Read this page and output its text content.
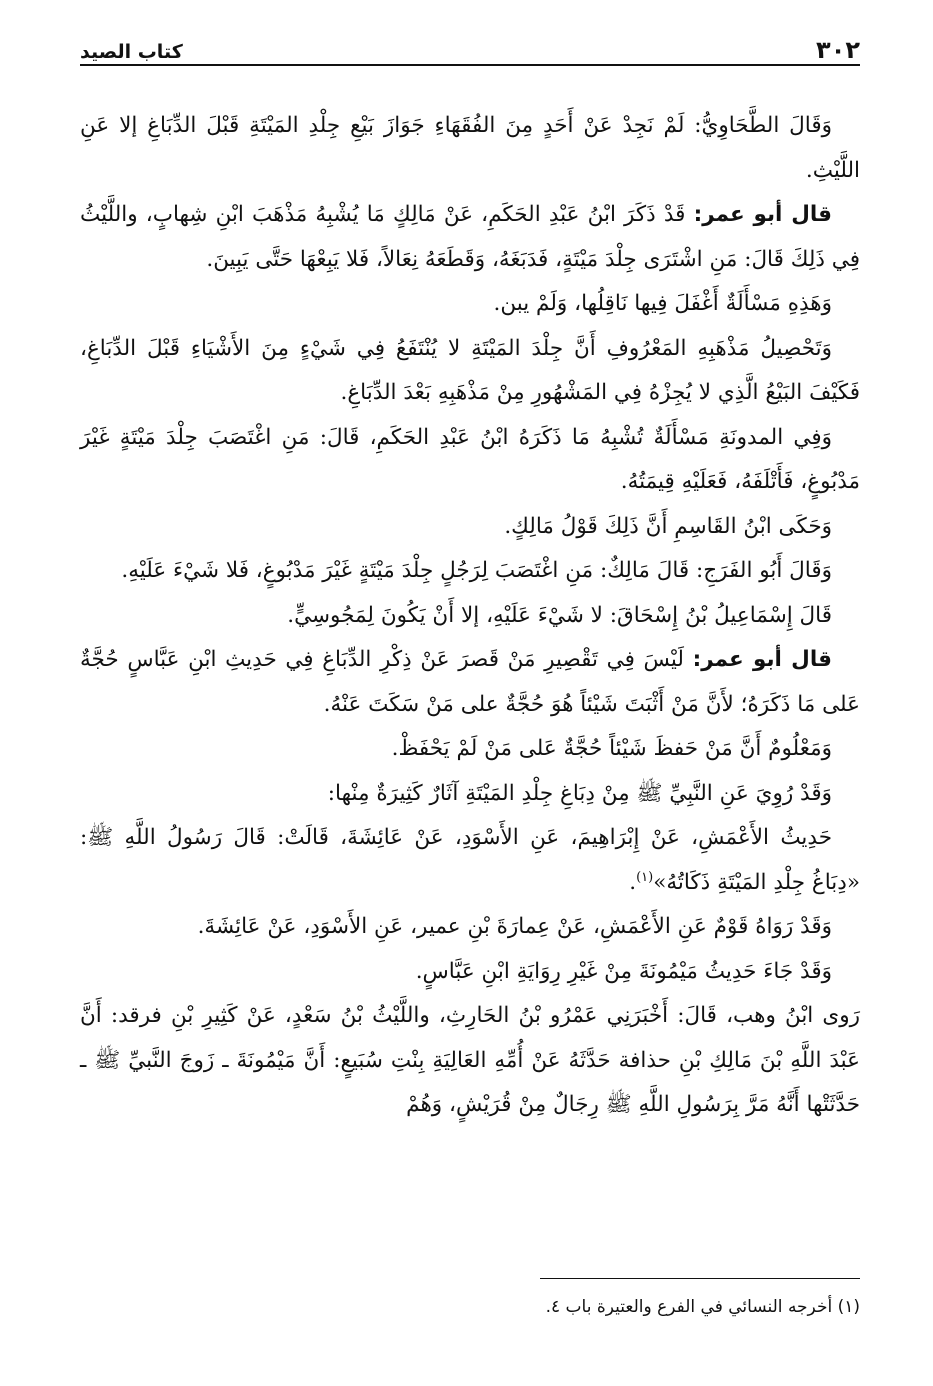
٣٠٢
كتاب الصيد

وَقَالَ الطَّحَاوِيُّ: لَمْ نَجِدْ عَنْ أَحَدٍ مِنَ الفُقَهَاءِ جَوَازَ بَيْعِ جِلْدِ المَيْتَةِ قَبْلَ الدِّبَاغِ إلا عَنِ اللَّيْثِ.

قال أبو عمر: قَدْ ذَكَرَ ابْنُ عَبْدِ الحَكَمِ، عَنْ مَالِكٍ مَا يُشْبِهُ مَذْهَبَ ابْنِ شِهابٍ، واللَّيْثُ فِي ذَلِكَ قَالَ: مَنِ اشْتَرَى جِلْدَ مَيْتَةٍ، فَدَبَغَهُ، وَقَطَعَهُ نِعَالاً، فَلا يَبِعْهَا حَتَّى يَبِينَ.

وَهَذِهِ مَسْأَلَةٌ أَغْفَلَ فِيها نَاقِلُها، وَلَمْ يبن.

وَتَحْصِيلُ مَذْهَبِهِ المَعْرُوفِ أَنَّ جِلْدَ المَيْتَةِ لا يُنْتَفَعُ فِي شَيْءٍ مِنَ الأَشْيَاءِ قَبْلَ الدِّبَاغِ، فَكَيْفَ البَيْعُ الَّذِي لا يُجِزْهُ فِي المَشْهُورِ مِنْ مَذْهَبِهِ بَعْدَ الدِّبَاغِ.

وَفِي المدونَةِ مَسْأَلَةٌ تُشْبِهُ مَا ذَكَرَهُ ابْنُ عَبْدِ الحَكَمِ، قَالَ: مَنِ اغْتَصَبَ جِلْدَ مَيْتَةٍ غَيْرَ مَدْبُوغٍ، فَأَتْلَفَهُ، فَعَلَيْهِ قِيمَتُهُ.

وَحَكَى ابْنُ القَاسِمِ أَنَّ ذَلِكَ قَوْلُ مَالِكٍ.

وَقَالَ أَبُو الفَرَجِ: قَالَ مَالِكٌ: مَنِ اغْتَصَبَ لِرَجُلٍ جِلْدَ مَيْتَةٍ غَيْرَ مَدْبُوغٍ، فَلا شَيْءَ عَلَيْهِ.

قَالَ إِسْمَاعِيلُ بْنُ إِسْحَاقَ: لا شَيْءَ عَلَيْهِ، إلا أَنْ يَكُونَ لِمَجُوسِيٍّ.

قال أبو عمر: لَيْسَ فِي تَقْصِيرِ مَنْ قَصرَ عَنْ ذِكْرِ الدِّبَاغِ فِي حَدِيثِ ابْنِ عَبَّاسٍ حُجَّةٌ عَلى مَا ذَكَرَهُ؛ لأَنَّ مَنْ أَثْبَتَ شَيْئاً هُوَ حُجَّةٌ على مَنْ سَكَتَ عَنْهُ.

وَمَعْلُومٌ أَنَّ مَنْ حَفظَ شَيْئاً حُجَّةٌ عَلى مَنْ لَمْ يَحْفَظْ.

وَقَدْ رُوِيَ عَنِ النَّبِيِّ ﷺ مِنْ دِبَاغِ جِلْدِ المَيْتَةِ آثَارٌ كَثِيرَةٌ مِنْها:

حَدِيثُ الأَعْمَشِ، عَنْ إِبْرَاهِيمَ، عَنِ الأَسْوَدِ، عَنْ عَائِشَةَ، قَالَتْ: قَالَ رَسُولُ اللَّهِ ﷺ: «دِبَاغُ جِلْدِ المَيْتَةِ ذَكَاتُهُ»$^{(١)}$.

وَقَدْ رَوَاهُ قَوْمٌ عَنِ الأَعْمَشِ، عَنْ عِمارَةَ بْنِ عمير، عَنِ الأَسْوَدِ، عَنْ عَائِشَةَ.

وَقَدْ جَاءَ حَدِيثُ مَيْمُونَةَ مِنْ غَيْرِ رِوَايَةِ ابْنِ عَبَّاسٍ.

رَوى ابْنُ وهب، قَالَ: أَخْبَرَنِي عَمْرُو بْنُ الحَارِثِ، واللَّيْثُ بْنُ سَعْدٍ، عَنْ كَثِيرِ بْنِ فرقد: أَنَّ عَبْدَ اللَّهِ بْنَ مَالِكِ بْنِ حذافة حَدَّثَهُ عَنْ أُمِّهِ العَالِيَةِ بِنْتِ سُبَيعٍ: أَنَّ مَيْمُونَةَ ـ زَوجَ النَّبيِّ ﷺ ـ حَدَّثَتْها أَنَّهُ مَرَّ بِرَسُولِ اللَّهِ ﷺ رِجَالٌ مِنْ قُرَيْشٍ، وَهُمْ

(١) أخرجه النسائي في الفرع والعتيرة باب ٤.
